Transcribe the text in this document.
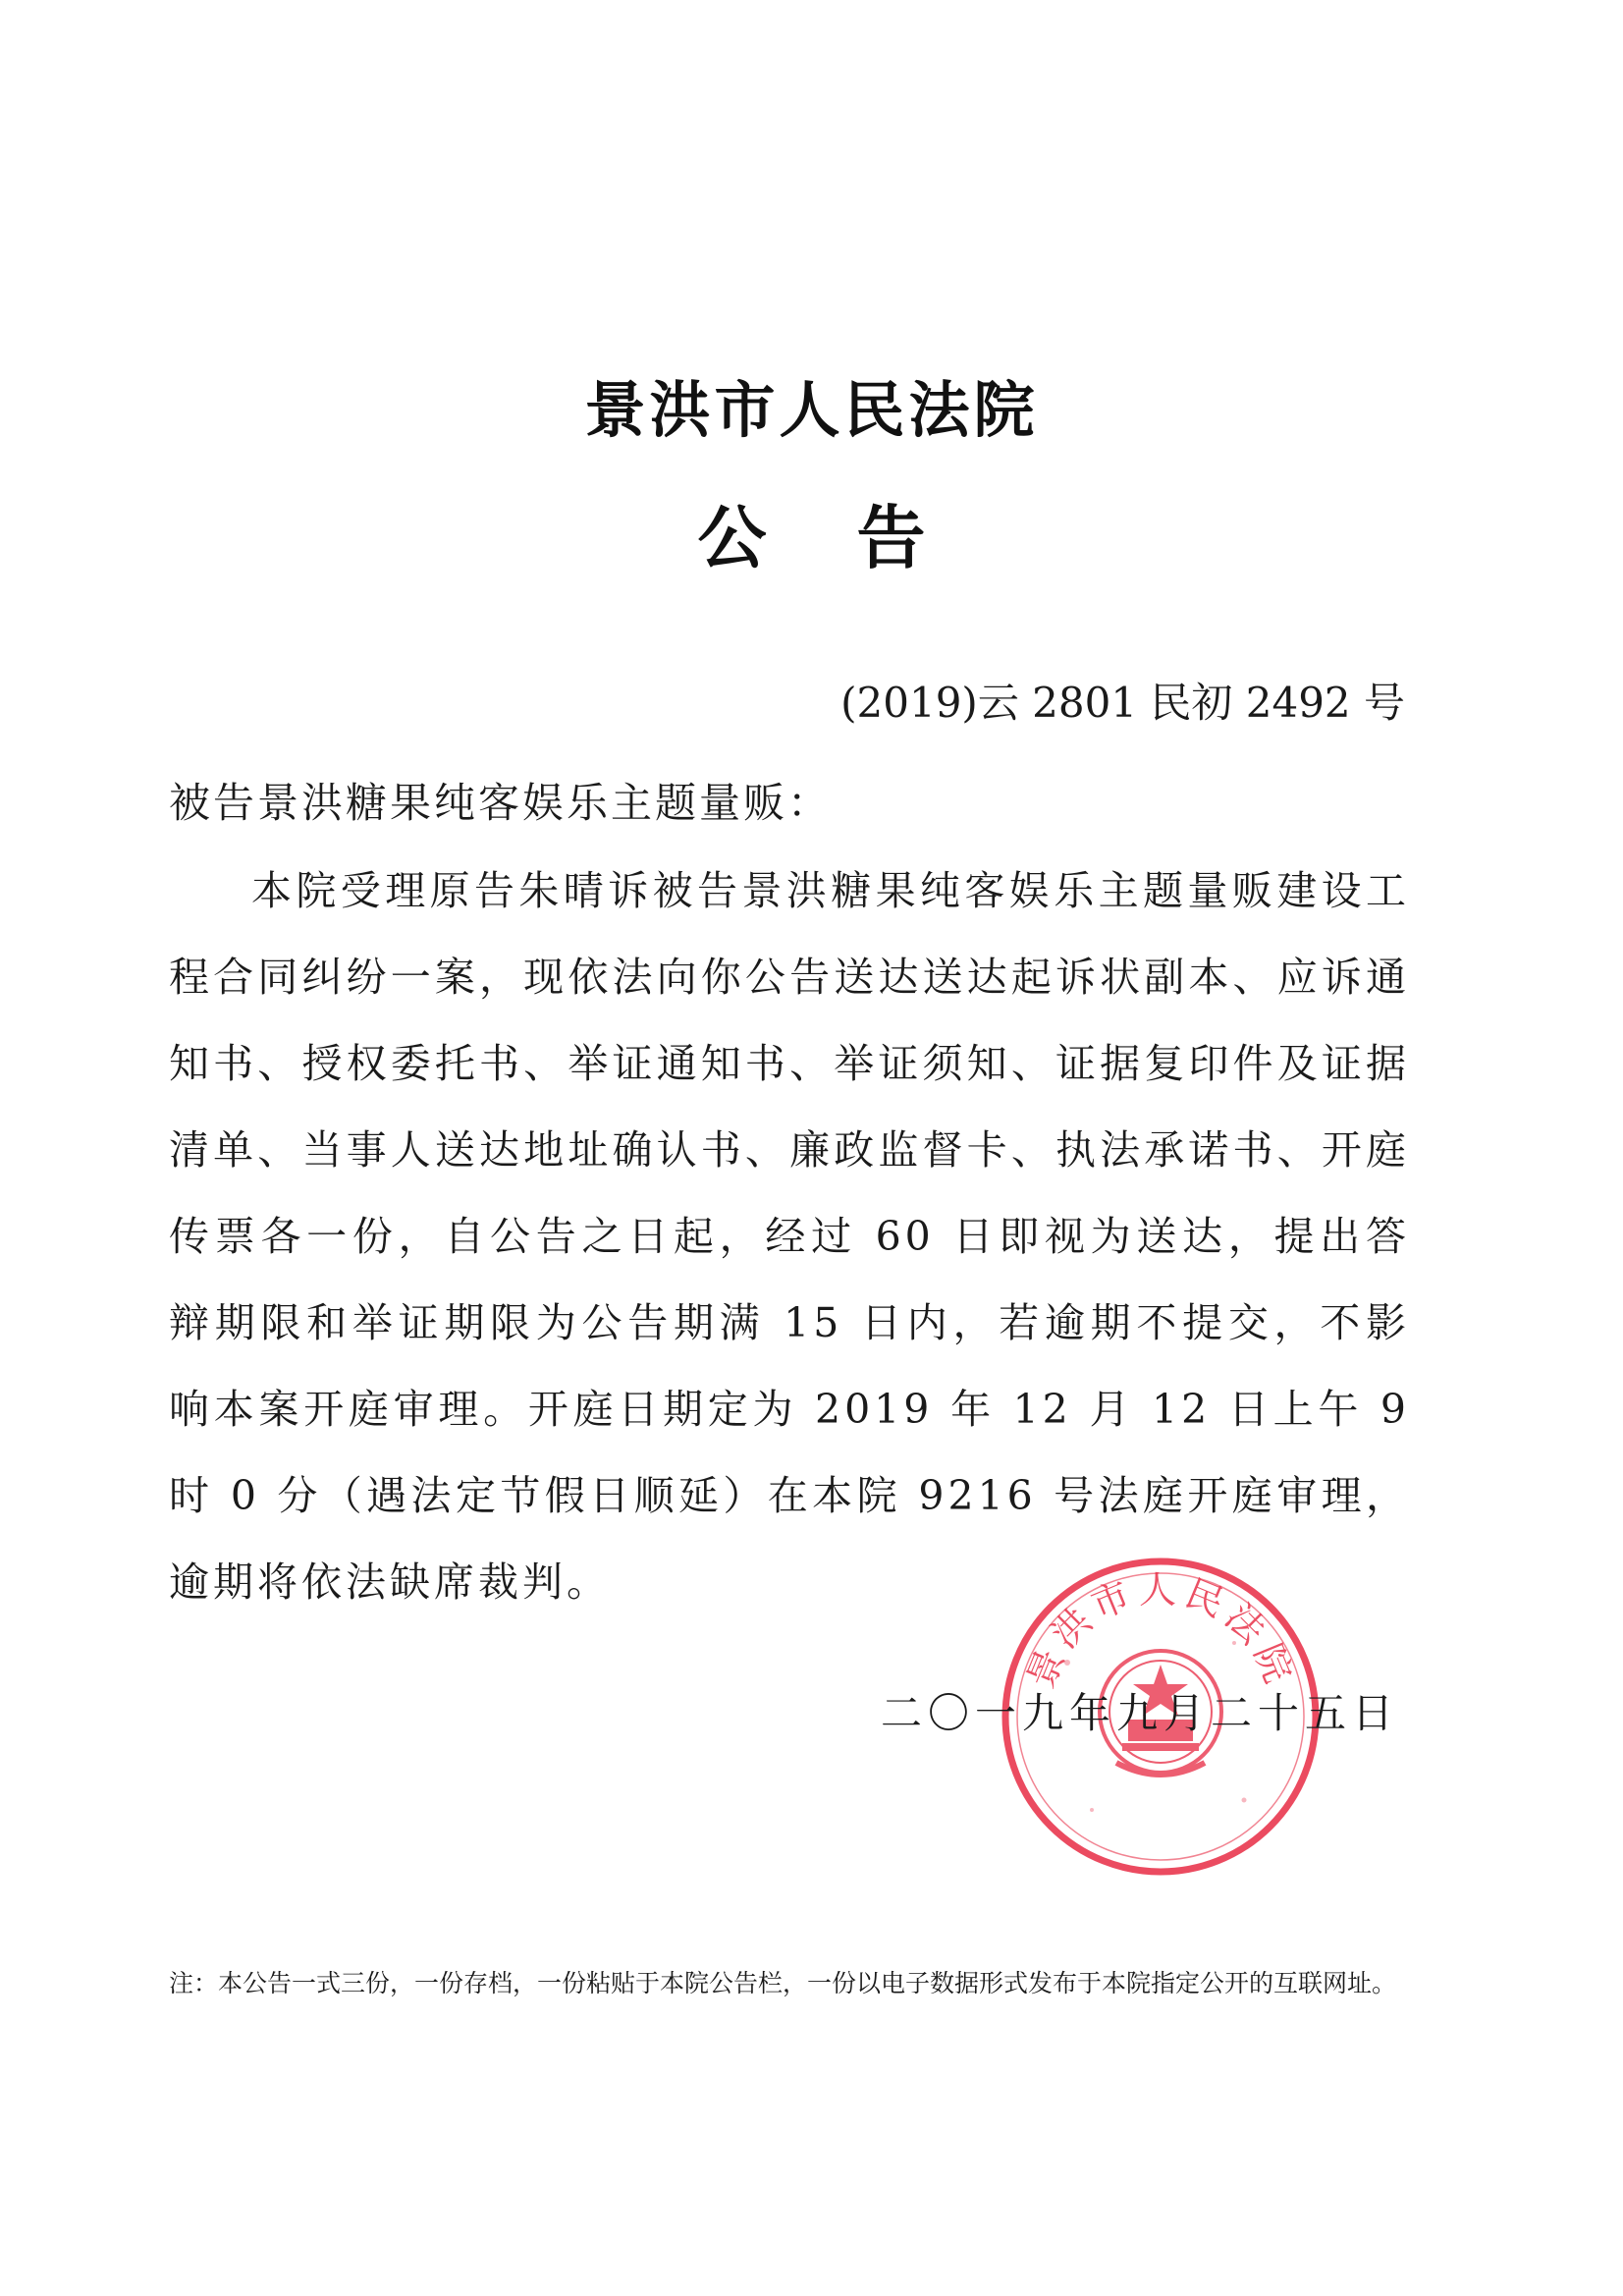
景洪市人民法院
公告
(2019)云 2801 民初 2492 号
被告景洪糖果纯客娱乐主题量贩：

本院受理原告朱晴诉被告景洪糖果纯客娱乐主题量贩建设工程合同纠纷一案，现依法向你公告送达送达起诉状副本、应诉通知书、授权委托书、举证通知书、举证须知、证据复印件及证据清单、当事人送达地址确认书、廉政监督卡、执法承诺书、开庭传票各一份，自公告之日起，经过 60 日即视为送达，提出答辩期限和举证期限为公告期满 15 日内，若逾期不提交，不影响本案开庭审理。开庭日期定为 2019 年 12 月 12 日上午 9 时 0 分（遇法定节假日顺延）在本院 9216 号法庭开庭审理，逾期将依法缺席裁判。

景洪市人民法院
二〇一九年九月二十五日

注：本公告一式三份，一份存档，一份粘贴于本院公告栏，一份以电子数据形式发布于本院指定公开的互联网址。
